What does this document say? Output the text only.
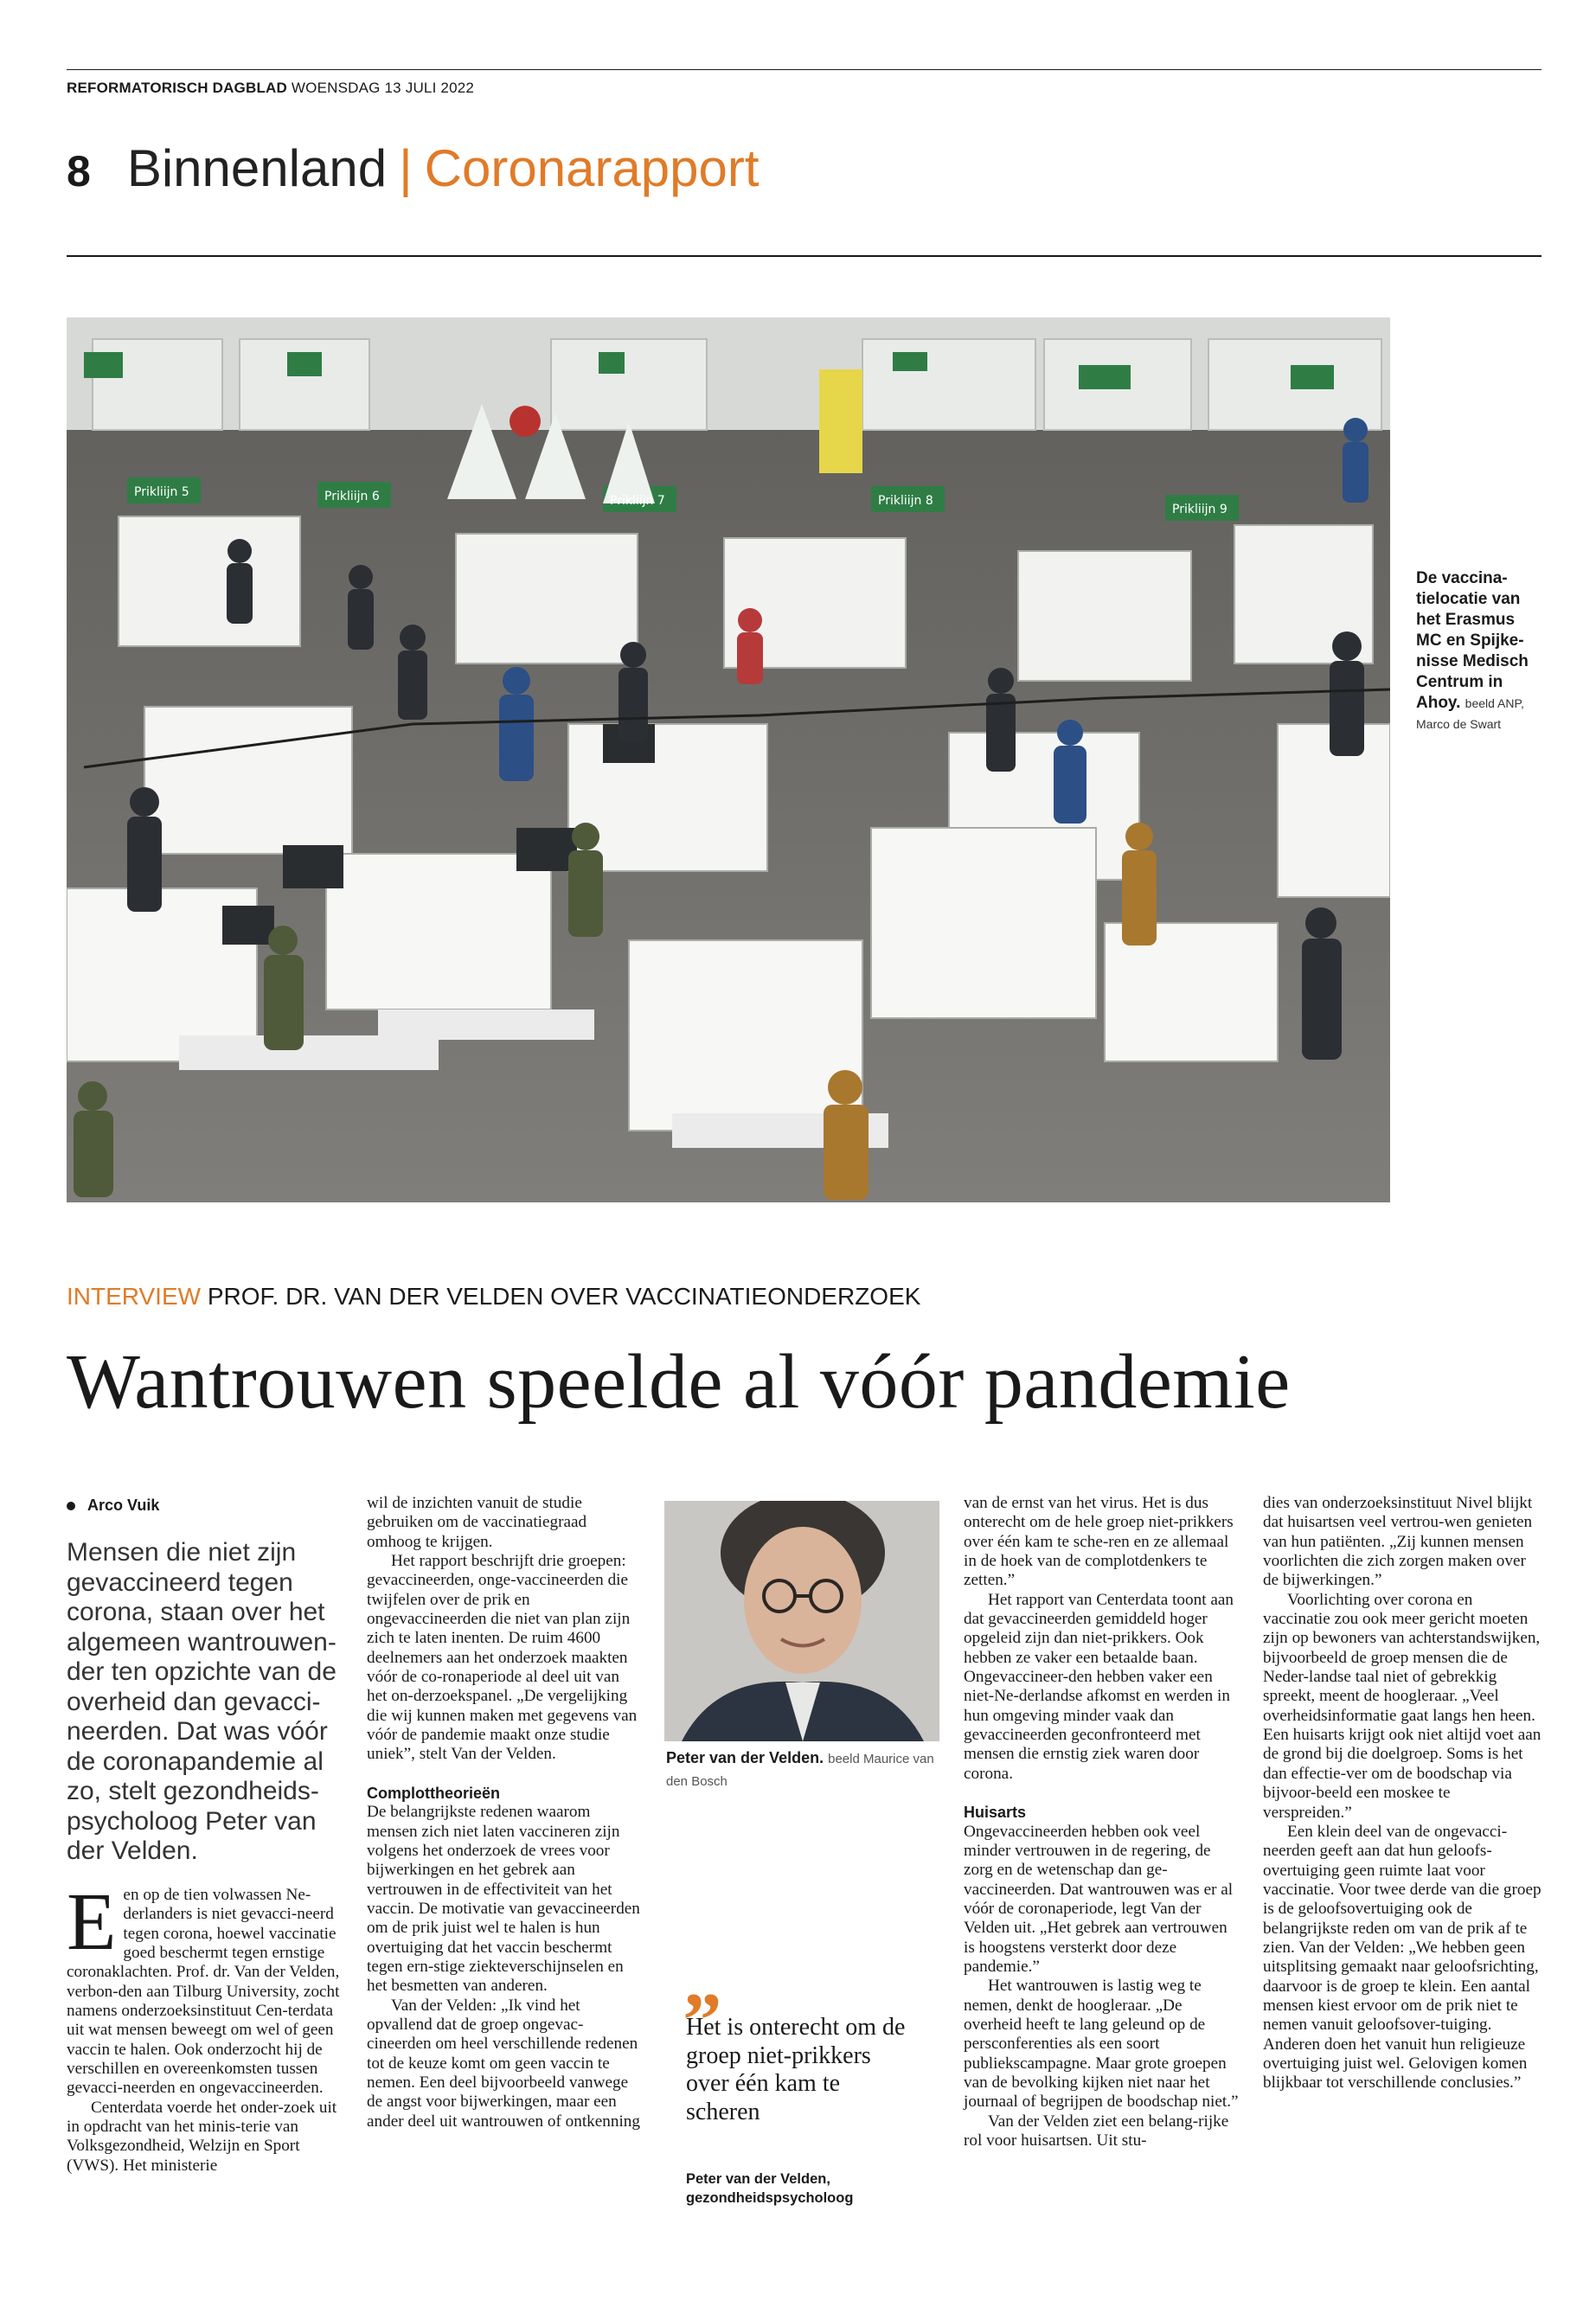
REFORMATORISCH DAGBLAD WOENSDAG 13 JULI 2022
8 Binnenland | Coronarapport
Prikliijn 5	Prikliijn 6	Prikliijn 7	Prikliijn 8
Prikliijn 9
De vaccina-tielocatie van het Erasmus MC en Spijke-nisse Medisch Centrum in Ahoy. beeld ANP, Marco de Swart
INTERVIEW PROF. DR. VAN DER VELDEN OVER VACCINATIEONDERZOEK
Wantrouwen speelde al vóór pandemie
Arco Vuik
Mensen die niet zijn gevaccineerd tegen corona, staan over het algemeen wantrouwen-der ten opzichte van de overheid dan gevacci-neerden. Dat was vóór de coronapandemie al zo, stelt gezondheids-psycholoog Peter van der Velden.

Een op de tien volwassen Ne-derlanders is niet gevacci-neerd tegen corona, hoewel vaccinatie goed beschermt tegen ernstige coronaklachten. Prof. dr. Van der Velden, verbon-den aan Tilburg University, zocht namens onderzoeksinstituut Cen-terdata uit wat mensen beweegt om wel of geen vaccin te halen. Ook onderzocht hij de verschillen en overeenkomsten tussen gevacci-neerden en ongevaccineerden.

Centerdata voerde het onder-zoek uit in opdracht van het minis-terie van Volksgezondheid, Welzijn en Sport (VWS). Het ministerie

wil de inzichten vanuit de studie gebruiken om de vaccinatiegraad omhoog te krijgen.

Het rapport beschrijft drie groepen: gevaccineerden, onge-vaccineerden die twijfelen over de prik en ongevaccineerden die niet van plan zijn zich te laten inenten. De ruim 4600 deelnemers aan het onderzoek maakten vóór de co-ronaperiode al deel uit van het on-derzoekspanel. „De vergelijking die wij kunnen maken met gegevens van vóór de pandemie maakt onze studie uniek”, stelt Van der Velden.

Complottheorieën

De belangrijkste redenen waarom mensen zich niet laten vaccineren zijn volgens het onderzoek de vrees voor bijwerkingen en het gebrek aan vertrouwen in de effectiviteit van het vaccin. De motivatie van gevaccineerden om de prik juist wel te halen is hun overtuiging dat het vaccin beschermt tegen ern-stige ziekteverschijnselen en het besmetten van anderen.

Van der Velden: „Ik vind het opvallend dat de groep ongevac-cineerden om heel verschillende redenen tot de keuze komt om geen vaccin te nemen. Een deel bijvoorbeeld vanwege de angst voor bijwerkingen, maar een ander deel uit wantrouwen of ontkenning

Peter van der Velden. beeld Maurice van den Bosch
„
Het is onterecht om de groep niet-prikkers over één kam te scheren
Peter van der Velden, gezondheidspsycholoog

van de ernst van het virus. Het is dus onterecht om de hele groep niet-prikkers over één kam te sche-ren en ze allemaal in de hoek van de complotdenkers te zetten.”

Het rapport van Centerdata toont aan dat gevaccineerden gemiddeld hoger opgeleid zijn dan niet-prikkers. Ook hebben ze vaker een betaalde baan. Ongevaccineer-den hebben vaker een niet-Ne-derlandse afkomst en werden in hun omgeving minder vaak dan gevaccineerden geconfronteerd met mensen die ernstig ziek waren door corona.

Huisarts

Ongevaccineerden hebben ook veel minder vertrouwen in de regering, de zorg en de wetenschap dan ge-vaccineerden. Dat wantrouwen was er al vóór de coronaperiode, legt Van der Velden uit. „Het gebrek aan vertrouwen is hoogstens versterkt door deze pandemie.”

Het wantrouwen is lastig weg te nemen, denkt de hoogleraar. „De overheid heeft te lang geleund op de persconferenties als een soort publiekscampagne. Maar grote groepen van de bevolking kijken niet naar het journaal of begrijpen de boodschap niet.”

Van der Velden ziet een belang-rijke rol voor huisartsen. Uit stu-

dies van onderzoeksinstituut Nivel blijkt dat huisartsen veel vertrou-wen genieten van hun patiënten. „Zij kunnen mensen voorlichten die zich zorgen maken over de bijwerkingen.”

Voorlichting over corona en vaccinatie zou ook meer gericht moeten zijn op bewoners van achterstandswijken, bijvoorbeeld de groep mensen die de Neder-landse taal niet of gebrekkig spreekt, meent de hoogleraar. „Veel overheidsinformatie gaat langs hen heen. Een huisarts krijgt ook niet altijd voet aan de grond bij die doelgroep. Soms is het dan effectie-ver om de boodschap via bijvoor-beeld een moskee te verspreiden.”

Een klein deel van de ongevacci-neerden geeft aan dat hun geloofs-overtuiging geen ruimte laat voor vaccinatie. Voor twee derde van die groep is de geloofsovertuiging ook de belangrijkste reden om van de prik af te zien. Van der Velden: „We hebben geen uitsplitsing gemaakt naar geloofsrichting, daarvoor is de groep te klein. Een aantal mensen kiest ervoor om de prik niet te nemen vanuit geloofsover-tuiging. Anderen doen het vanuit hun religieuze overtuiging juist wel. Gelovigen komen blijkbaar tot verschillende conclusies.”
